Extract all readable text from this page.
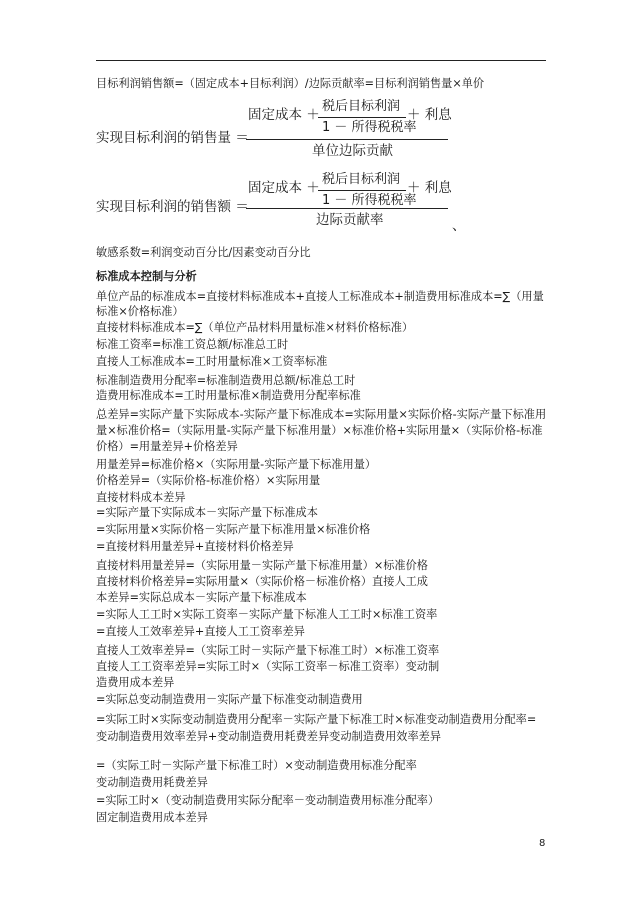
目标利润销售额=（固定成本+目标利润）/边际贡献率=目标利润销售量×单价
固定成本 ＋
税后目标利润
1 － 所得税税率
＋ 利息
实现目标利润的销售量 ＝
单位边际贡献
固定成本 ＋
税后目标利润
1 － 所得税税率
＋ 利息
实现目标利润的销售额 ＝
边际贡献率	、
敏感系数=利润变动百分比/因素变动百分比
标准成本控制与分析
单位产品的标准成本=直接材料标准成本+直接人工标准成本+制造费用标准成本=∑（用量
标准×价格标准）
直接材料标准成本=∑（单位产品材料用量标准×材料价格标准）
标准工资率=标准工资总额/标准总工时
直接人工标准成本=工时用量标准×工资率标准
标准制造费用分配率=标准制造费用总额/标准总工时
造费用标准成本=工时用量标准×制造费用分配率标准
总差异=实际产量下实际成本-实际产量下标准成本=实际用量×实际价格-实际产量下标准用
量×标准价格=（实际用量-实际产量下标准用量）×标准价格+实际用量×（实际价格-标准
价格）=用量差异+价格差异
用量差异=标准价格×（实际用量-实际产量下标准用量）
价格差异=（实际价格-标准价格）×实际用量
直接材料成本差异
=实际产量下实际成本－实际产量下标准成本
=实际用量×实际价格－实际产量下标准用量×标准价格
=直接材料用量差异+直接材料价格差异
直接材料用量差异=（实际用量－实际产量下标准用量）×标准价格
直接材料价格差异=实际用量×（实际价格－标准价格）直接人工成
本差异=实际总成本－实际产量下标准成本
=实际人工工时×实际工资率－实际产量下标准人工工时×标准工资率
=直接人工效率差异+直接人工工资率差异
直接人工效率差异=（实际工时－实际产量下标准工时）×标准工资率
直接人工工资率差异=实际工时×（实际工资率－标准工资率）变动制
造费用成本差异
=实际总变动制造费用－实际产量下标准变动制造费用
=实际工时×实际变动制造费用分配率－实际产量下标准工时×标准变动制造费用分配率=
变动制造费用效率差异+变动制造费用耗费差异变动制造费用效率差异
=（实际工时－实际产量下标准工时）×变动制造费用标准分配率
变动制造费用耗费差异
=实际工时×（变动制造费用实际分配率－变动制造费用标准分配率）
固定制造费用成本差异
8
